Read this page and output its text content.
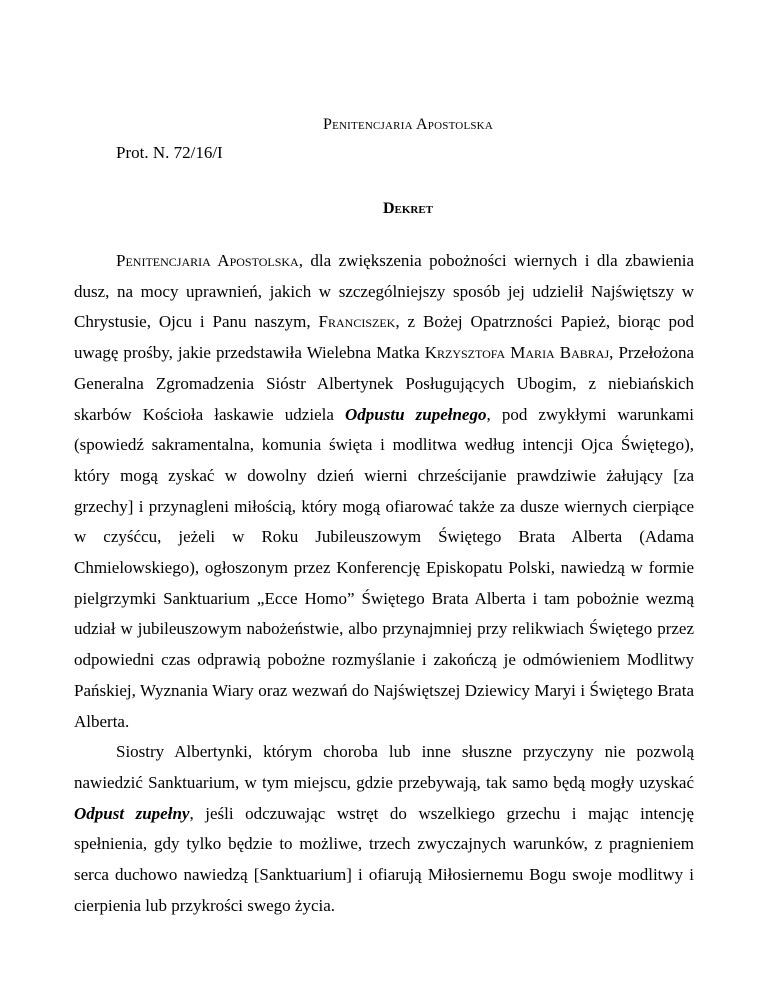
Penitencjaria Apostolska
Prot. N. 72/16/I
Dekret

Penitencjaria Apostolska, dla zwiększenia pobożności wiernych i dla zbawienia dusz, na mocy uprawnień, jakich w szczególniejszy sposób jej udzielił Najświętszy w Chrystusie, Ojcu i Panu naszym, Franciszek, z Bożej Opatrzności Papież, biorąc pod uwagę prośby, jakie przedstawiła Wielebna Matka Krzysztofa Maria Babraj, Przełożona Generalna Zgromadzenia Sióstr Albertynek Posługujących Ubogim, z niebiańskich skarbów Kościoła łaskawie udziela Odpustu zupełnego, pod zwykłymi warunkami (spowiedź sakramentalna, komunia święta i modlitwa według intencji Ojca Świętego), który mogą zyskać w dowolny dzień wierni chrześcijanie prawdziwie żałujący [za grzechy] i przynagleni miłością, który mogą ofiarować także za dusze wiernych cierpiące w czyśćcu, jeżeli w Roku Jubileuszowym Świętego Brata Alberta (Adama Chmielowskiego), ogłoszonym przez Konferencję Episkopatu Polski, nawiedzą w formie pielgrzymki Sanktuarium „Ecce Homo” Świętego Brata Alberta i tam pobożnie wezmą udział w jubileuszowym nabożeństwie, albo przynajmniej przy relikwiach Świętego przez odpowiedni czas odprawią pobożne rozmyślanie i zakończą je odmówieniem Modlitwy Pańskiej, Wyznania Wiary oraz wezwań do Najświętszej Dziewicy Maryi i Świętego Brata Alberta.

Siostry Albertynki, którym choroba lub inne słuszne przyczyny nie pozwolą nawiedzić Sanktuarium, w tym miejscu, gdzie przebywają, tak samo będą mogły uzyskać Odpust zupełny, jeśli odczuwając wstręt do wszelkiego grzechu i mając intencję spełnienia, gdy tylko będzie to możliwe, trzech zwyczajnych warunków, z pragnieniem serca duchowo nawiedzą [Sanktuarium] i ofiarują Miłosiernemu Bogu swoje modlitwy i cierpienia lub przykrości swego życia.
